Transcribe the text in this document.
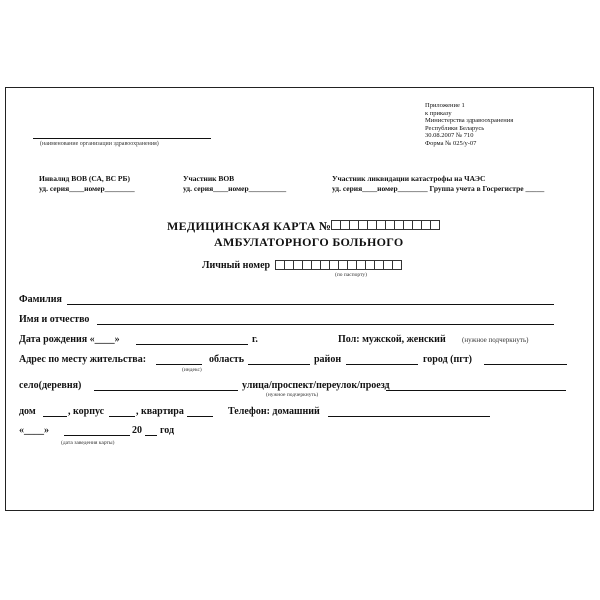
Приложение 1
к приказу
Министерства здравоохранения
Республики Беларусь
30.08.2007 № 710
Форма № 025/у-07
(наименование организации здравоохранения)
Инвалид ВОВ (СА, ВС РБ)
уд. серия____номер________
Участник ВОВ
уд. серия____номер__________
Участник ликвидации катастрофы на ЧАЭС
уд. серия____номер________ Группа учета в Госрегистре _____
МЕДИЦИНСКАЯ КАРТА №
АМБУЛАТОРНОГО БОЛЬНОГО
Личный номер
(по паспорту)
Фамилия
Имя и отчество
Дата рождения «____»	г.	Пол: мужской, женский (нужное подчеркнуть)
Адрес по месту жительства:
(индекс)
область	район	город (пгт)
село(деревня)	улица/проспект/переулок/проезд
(нужное подчеркнуть)
дом	, корпус	, квартира	Телефон: домашний
«____»	20 год
(дата заведения карты)
